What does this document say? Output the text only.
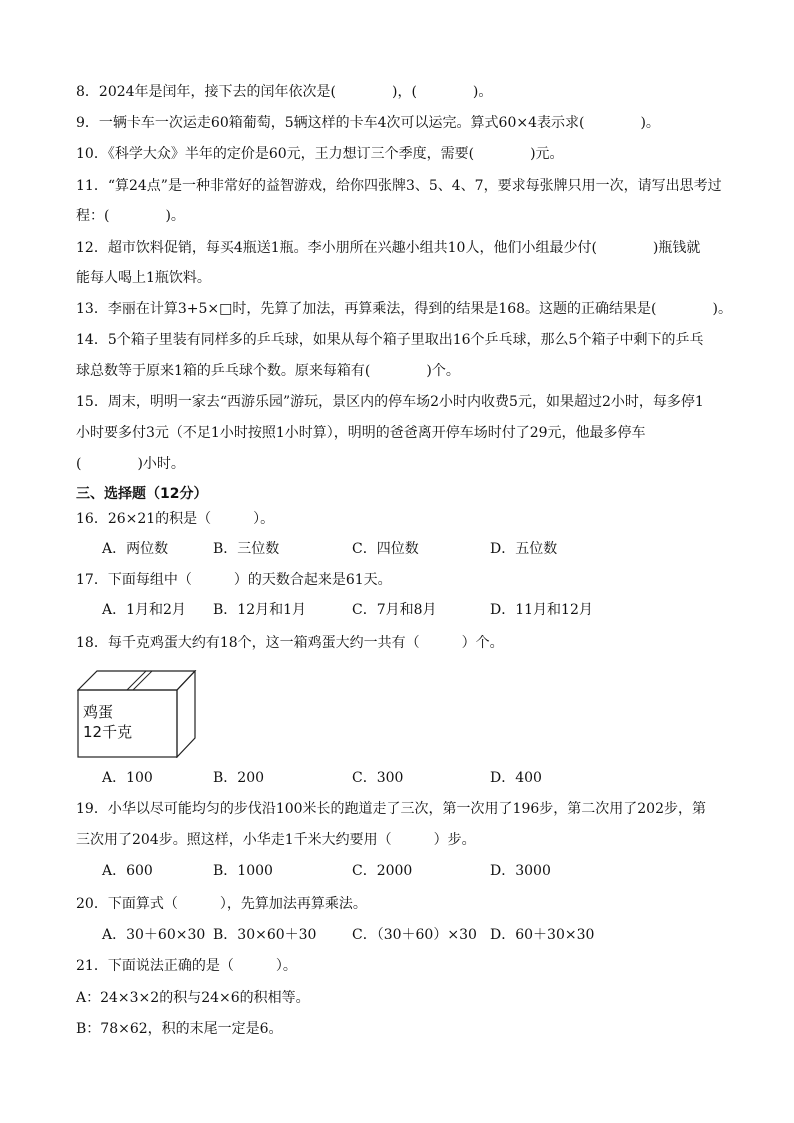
8．2024年是闰年，接下去的闰年依次是(　　　　)，(　　　　)。
9．一辆卡车一次运走60箱葡萄，5辆这样的卡车4次可以运完。算式60×4表示求(　　　　)。
10．《科学大众》半年的定价是60元，王力想订三个季度，需要(　　　　)元。
11．“算24点”是一种非常好的益智游戏，给你四张牌3、5、4、7，要求每张牌只用一次，请写出思考过
程：(　　　　)。
12．超市饮料促销，每买4瓶送1瓶。李小朋所在兴趣小组共10人，他们小组最少付(　　　　)瓶钱就
能每人喝上1瓶饮料。
13．李丽在计算3+5×□时，先算了加法，再算乘法，得到的结果是168。这题的正确结果是(　　　　)。
14．5个箱子里装有同样多的乒乓球，如果从每个箱子里取出16个乒乓球，那么5个箱子中剩下的乒乓
球总数等于原来1箱的乒乓球个数。原来每箱有(　　　　)个。
15．周末，明明一家去“西游乐园”游玩，景区内的停车场2小时内收费5元，如果超过2小时，每多停1
小时要多付3元（不足1小时按照1小时算），明明的爸爸离开停车场时付了29元，他最多停车
(　　　　)小时。
三、选择题（12分）
16．26×21的积是（　　　）。
A．两位数	B．三位数	C．四位数	D．五位数
17．下面每组中（　　　）的天数合起来是61天。
A．1月和2月 B．12月和1月	C．7月和8月	D．11月和12月
18．每千克鸡蛋大约有18个，这一箱鸡蛋大约一共有（　　　）个。
鸡蛋
12千克
A．100	B．200	C．300	D．400
19．小华以尽可能均匀的步伐沿100米长的跑道走了三次，第一次用了196步，第二次用了202步，第
三次用了204步。照这样，小华走1千米大约要用（　　　）步。
A．600	B．1000	C．2000	D．3000
20．下面算式（　　　），先算加法再算乘法。
A．30＋60×30 B．30×60＋30	C．（30＋60）×30 D．60＋30×30
21．下面说法正确的是（　　　）。
A：24×3×2的积与24×6的积相等。
B：78×62，积的末尾一定是6。
